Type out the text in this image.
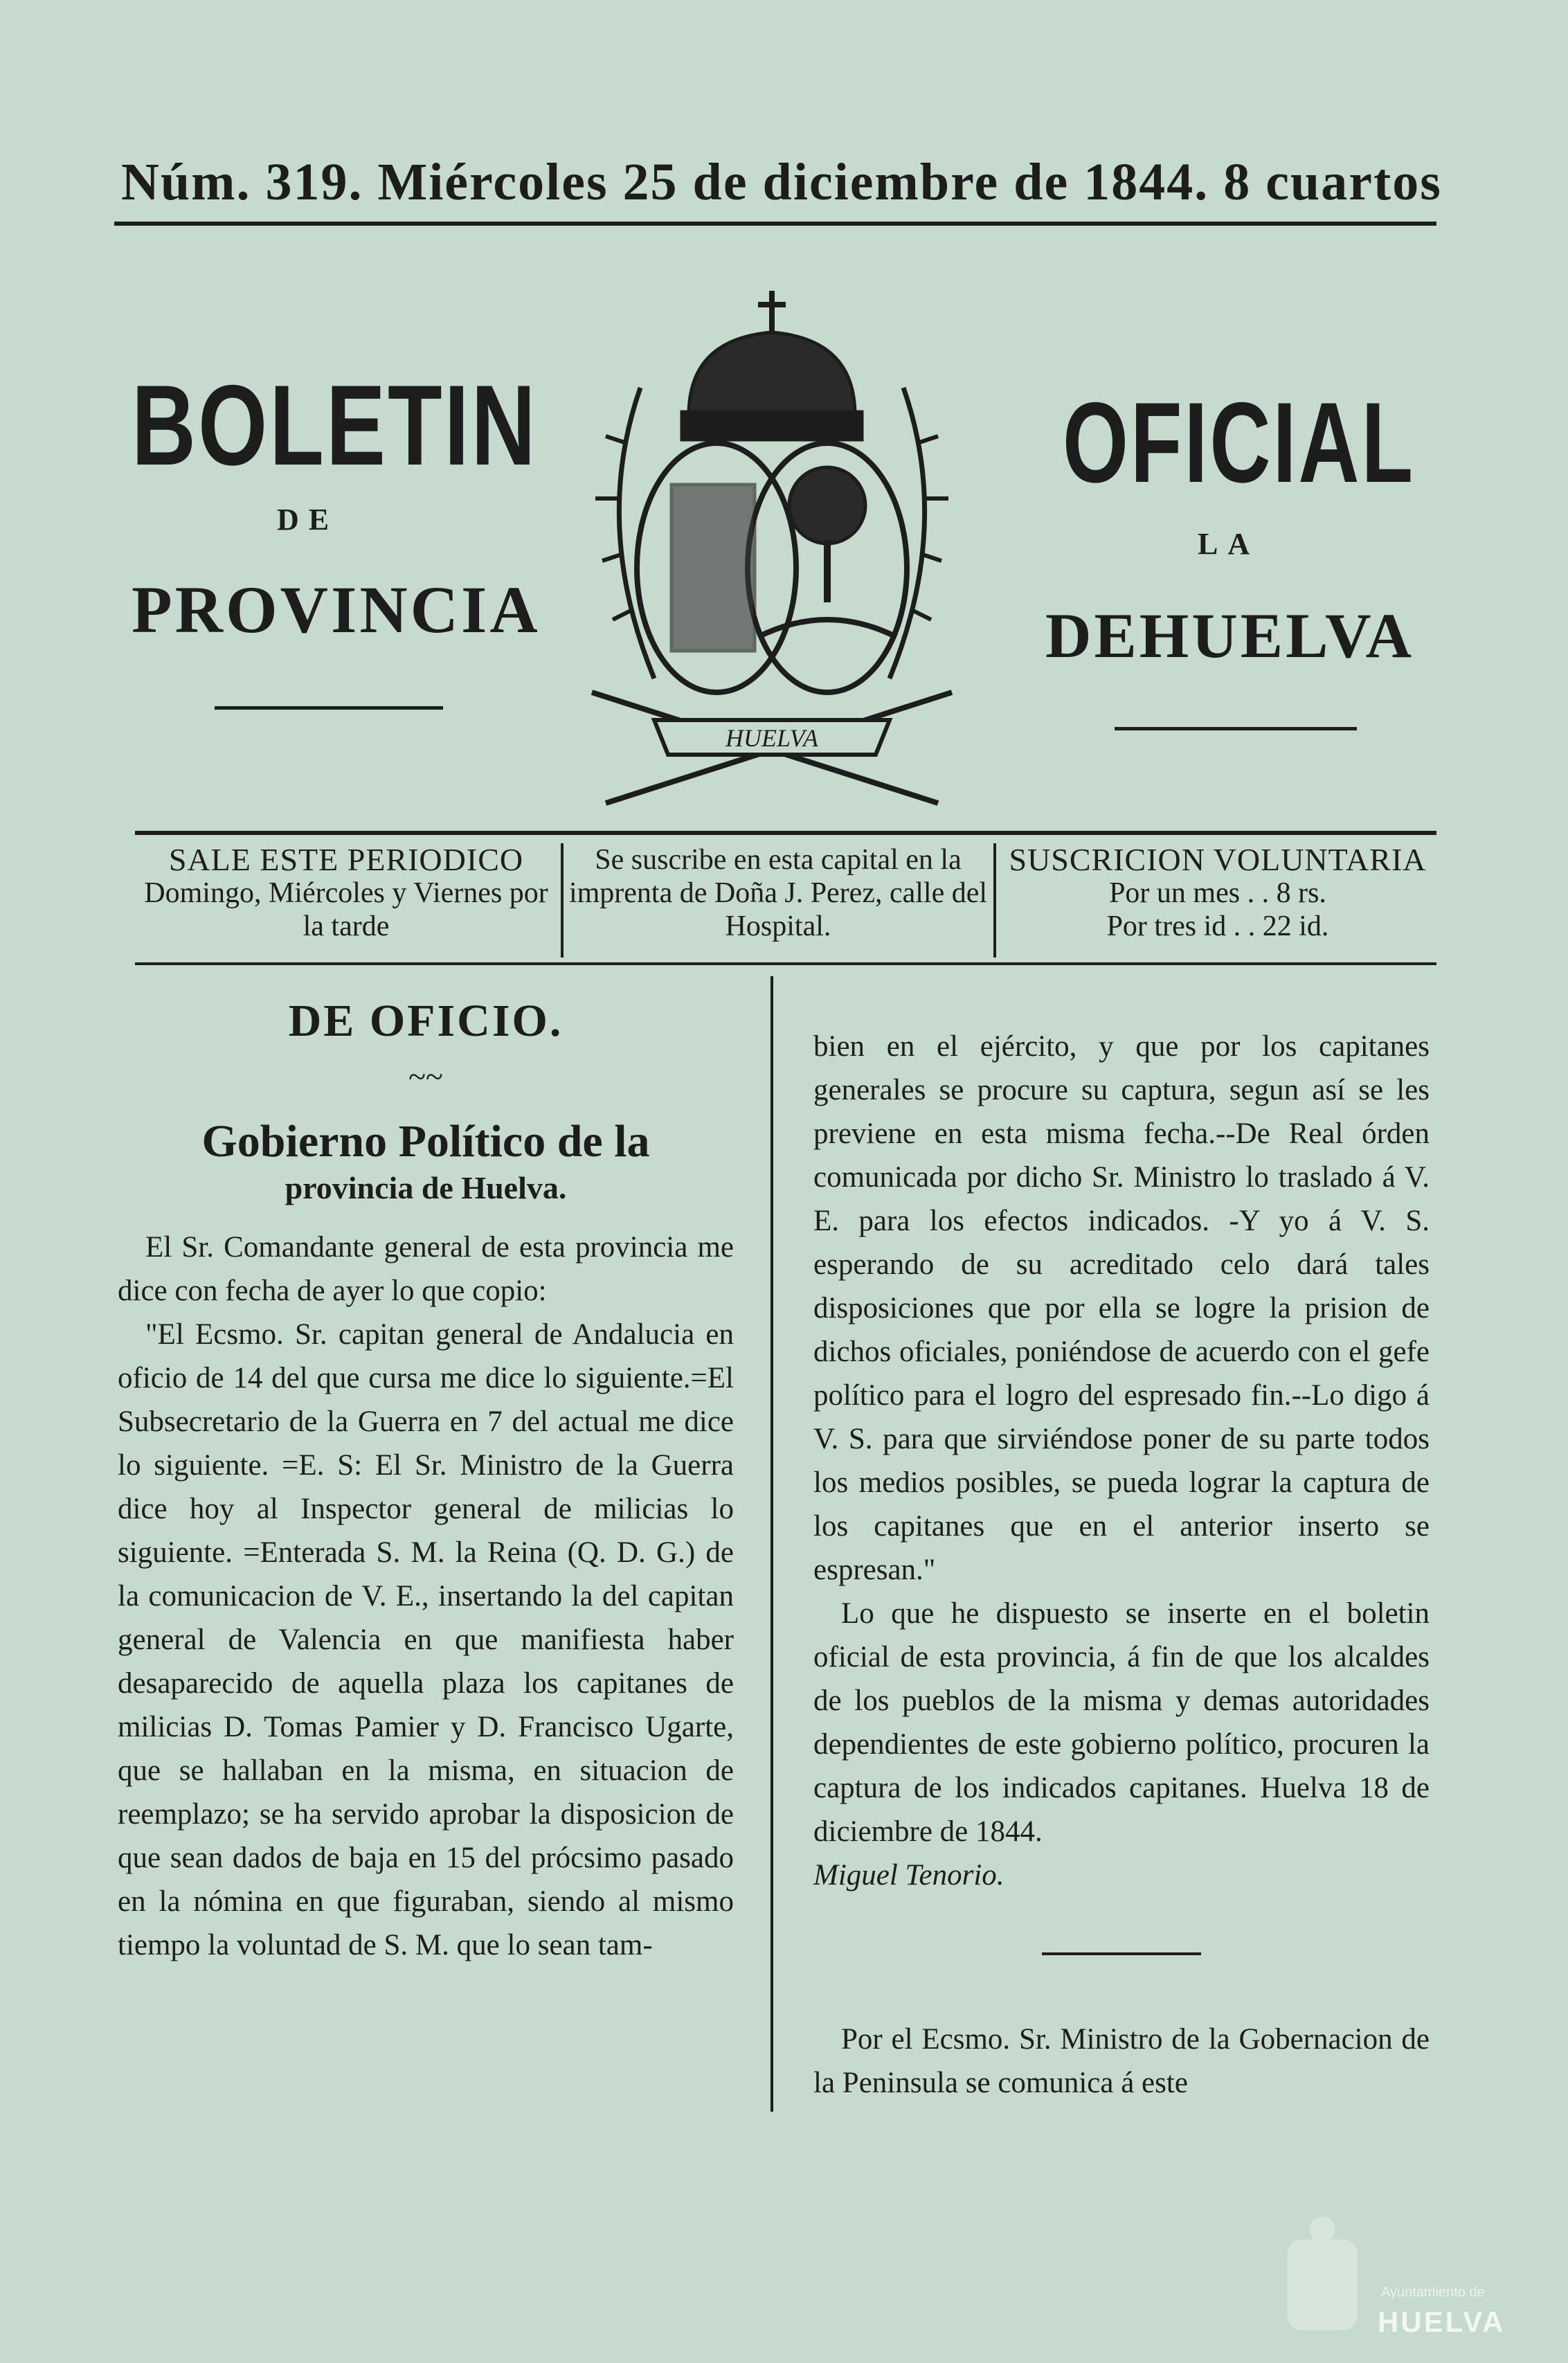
Núm. 319. Miércoles 25 de diciembre de 1844. 8 cuartos
BOLETIN
DE
PROVINCIA
OFICIAL
LA
DEHUELVA
HUELVA
SALE ESTE PERIODICO
Domingo, Miércoles y Viernes por la tarde
Se suscribe en esta capital en la imprenta de Doña J. Perez, calle del Hospital.
SUSCRICION VOLUNTARIA
Por un mes . . 8 rs.
Por tres id . . 22 id.
DE OFICIO.
~~
Gobierno Político de la
provincia de Huelva.

El Sr. Comandante general de esta provincia me dice con fecha de ayer lo que copio:

"El Ecsmo. Sr. capitan general de Andalucia en oficio de 14 del que cursa me dice lo siguiente.=El Subsecretario de la Guerra en 7 del actual me dice lo siguiente. =E. S: El Sr. Ministro de la Guerra dice hoy al Inspector general de milicias lo siguiente. =Enterada S. M. la Reina (Q. D. G.) de la comunicacion de V. E., insertando la del capitan general de Valencia en que manifiesta haber desaparecido de aquella plaza los capitanes de milicias D. Tomas Pamier y D. Francisco Ugarte, que se hallaban en la misma, en situacion de reemplazo; se ha servido aprobar la disposicion de que sean dados de baja en 15 del prócsimo pasado en la nómina en que figuraban, siendo al mismo tiempo la voluntad de S. M. que lo sean tam-

bien en el ejército, y que por los capitanes generales se procure su captura, segun así se les previene en esta misma fecha.--De Real órden comunicada por dicho Sr. Ministro lo traslado á V. E. para los efectos indicados. -Y yo á V. S. esperando de su acreditado celo dará tales disposiciones que por ella se logre la prision de dichos oficiales, poniéndose de acuerdo con el gefe político para el logro del espresado fin.--Lo digo á V. S. para que sirviéndose poner de su parte todos los medios posibles, se pueda lograr la captura de los capitanes que en el anterior inserto se espresan."

Lo que he dispuesto se inserte en el boletin oficial de esta provincia, á fin de que los alcaldes de los pueblos de la misma y demas autoridades dependientes de este gobierno político, procuren la captura de los indicados capitanes. Huelva 18 de diciembre de 1844.

Miguel Tenorio.

Por el Ecsmo. Sr. Ministro de la Gobernacion de la Peninsula se comunica á este

Ayuntamiento de
HUELVA
